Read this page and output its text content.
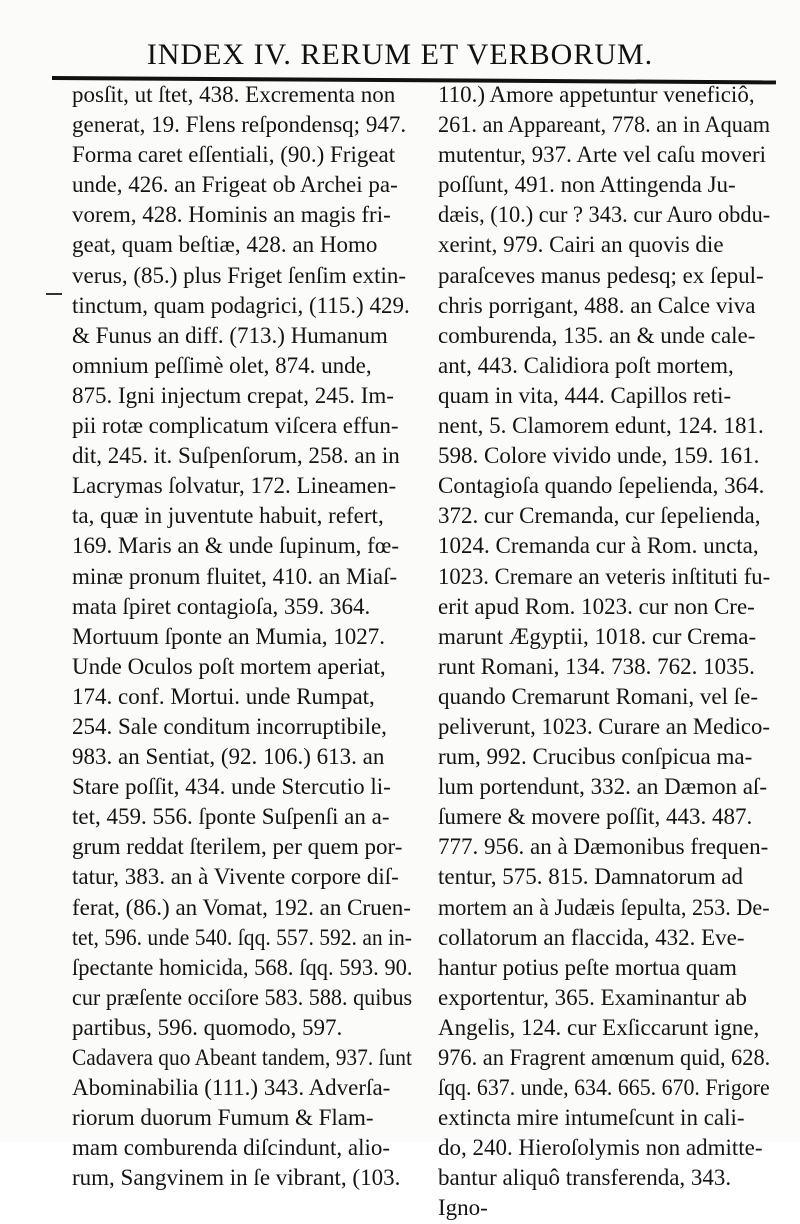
INDEX IV. RERUM ET VERBORUM.
posſit, ut ſtet, 438. Excrementa non
generat, 19. Flens reſpondensq; 947.
Forma caret eſſentiali, (90.) Frigeat
unde, 426. an Frigeat ob Archei pa-
vorem, 428. Hominis an magis fri-
geat, quam beſtiæ, 428. an Homo
verus, (85.) plus Friget ſenſim extin-
tinctum, quam podagrici, (115.) 429.
& Funus an diff. (713.) Humanum
omnium peſſimè olet, 874. unde,
875. Igni injectum crepat, 245. Im-
pii rotæ complicatum viſcera effun-
dit, 245. it. Suſpenſorum, 258. an in
Lacrymas ſolvatur, 172. Lineamen-
ta, quæ in juventute habuit, refert,
169. Maris an & unde ſupinum, fœ-
minæ pronum fluitet, 410. an Miaſ-
mata ſpiret contagioſa, 359. 364.
Mortuum ſponte an Mumia, 1027.
Unde Oculos poſt mortem aperiat,
174. conf. Mortui. unde Rumpat,
254. Sale conditum incorruptibile,
983. an Sentiat, (92. 106.) 613. an
Stare poſſit, 434. unde Stercutio li-
tet, 459. 556. ſponte Suſpenſi an a-
grum reddat ſterilem, per quem por-
tatur, 383. an à Vivente corpore diſ-
ferat, (86.) an Vomat, 192. an Cruen-
tet, 596. unde 540. ſqq. 557. 592. an in-
ſpectante homicida, 568. ſqq. 593. 90.
cur præſente occiſore 583. 588. quibus
partibus, 596. quomodo, 597.
Cadavera quo Abeant tandem, 937. ſunt
Abominabilia (111.) 343. Adverſa-
riorum duorum Fumum & Flam-
mam comburenda diſcindunt, alio-
rum, Sangvinem in ſe vibrant, (103.
110.) Amore appetuntur veneficiô,
261. an Appareant, 778. an in Aquam
mutentur, 937. Arte vel caſu moveri
poſſunt, 491. non Attingenda Ju-
dæis, (10.) cur ? 343. cur Auro obdu-
xerint, 979. Cairi an quovis die
paraſceves manus pedesq; ex ſepul-
chris porrigant, 488. an Calce viva
comburenda, 135. an & unde cale-
ant, 443. Calidiora poſt mortem,
quam in vita, 444. Capillos reti-
nent, 5. Clamorem edunt, 124. 181.
598. Colore vivido unde, 159. 161.
Contagioſa quando ſepelienda, 364.
372. cur Cremanda, cur ſepelienda,
1024. Cremanda cur à Rom. uncta,
1023. Cremare an veteris inſtituti fu-
erit apud Rom. 1023. cur non Cre-
marunt Ægyptii, 1018. cur Crema-
runt Romani, 134. 738. 762. 1035.
quando Cremarunt Romani, vel ſe-
peliverunt, 1023. Curare an Medico-
rum, 992. Crucibus conſpicua ma-
lum portendunt, 332. an Dæmon aſ-
ſumere & movere poſſit, 443. 487.
777. 956. an à Dæmonibus frequen-
tentur, 575. 815. Damnatorum ad
mortem an à Judæis ſepulta, 253. De-
collatorum an flaccida, 432. Eve-
hantur potius peſte mortua quam
exportentur, 365. Examinantur ab
Angelis, 124. cur Exſiccarunt igne,
976. an Fragrent amœnum quid, 628.
ſqq. 637. unde, 634. 665. 670. Frigore
extincta mire intumeſcunt in cali-
do, 240. Hieroſolymis non admitte-
bantur aliquô transferenda, 343.
Igno-
